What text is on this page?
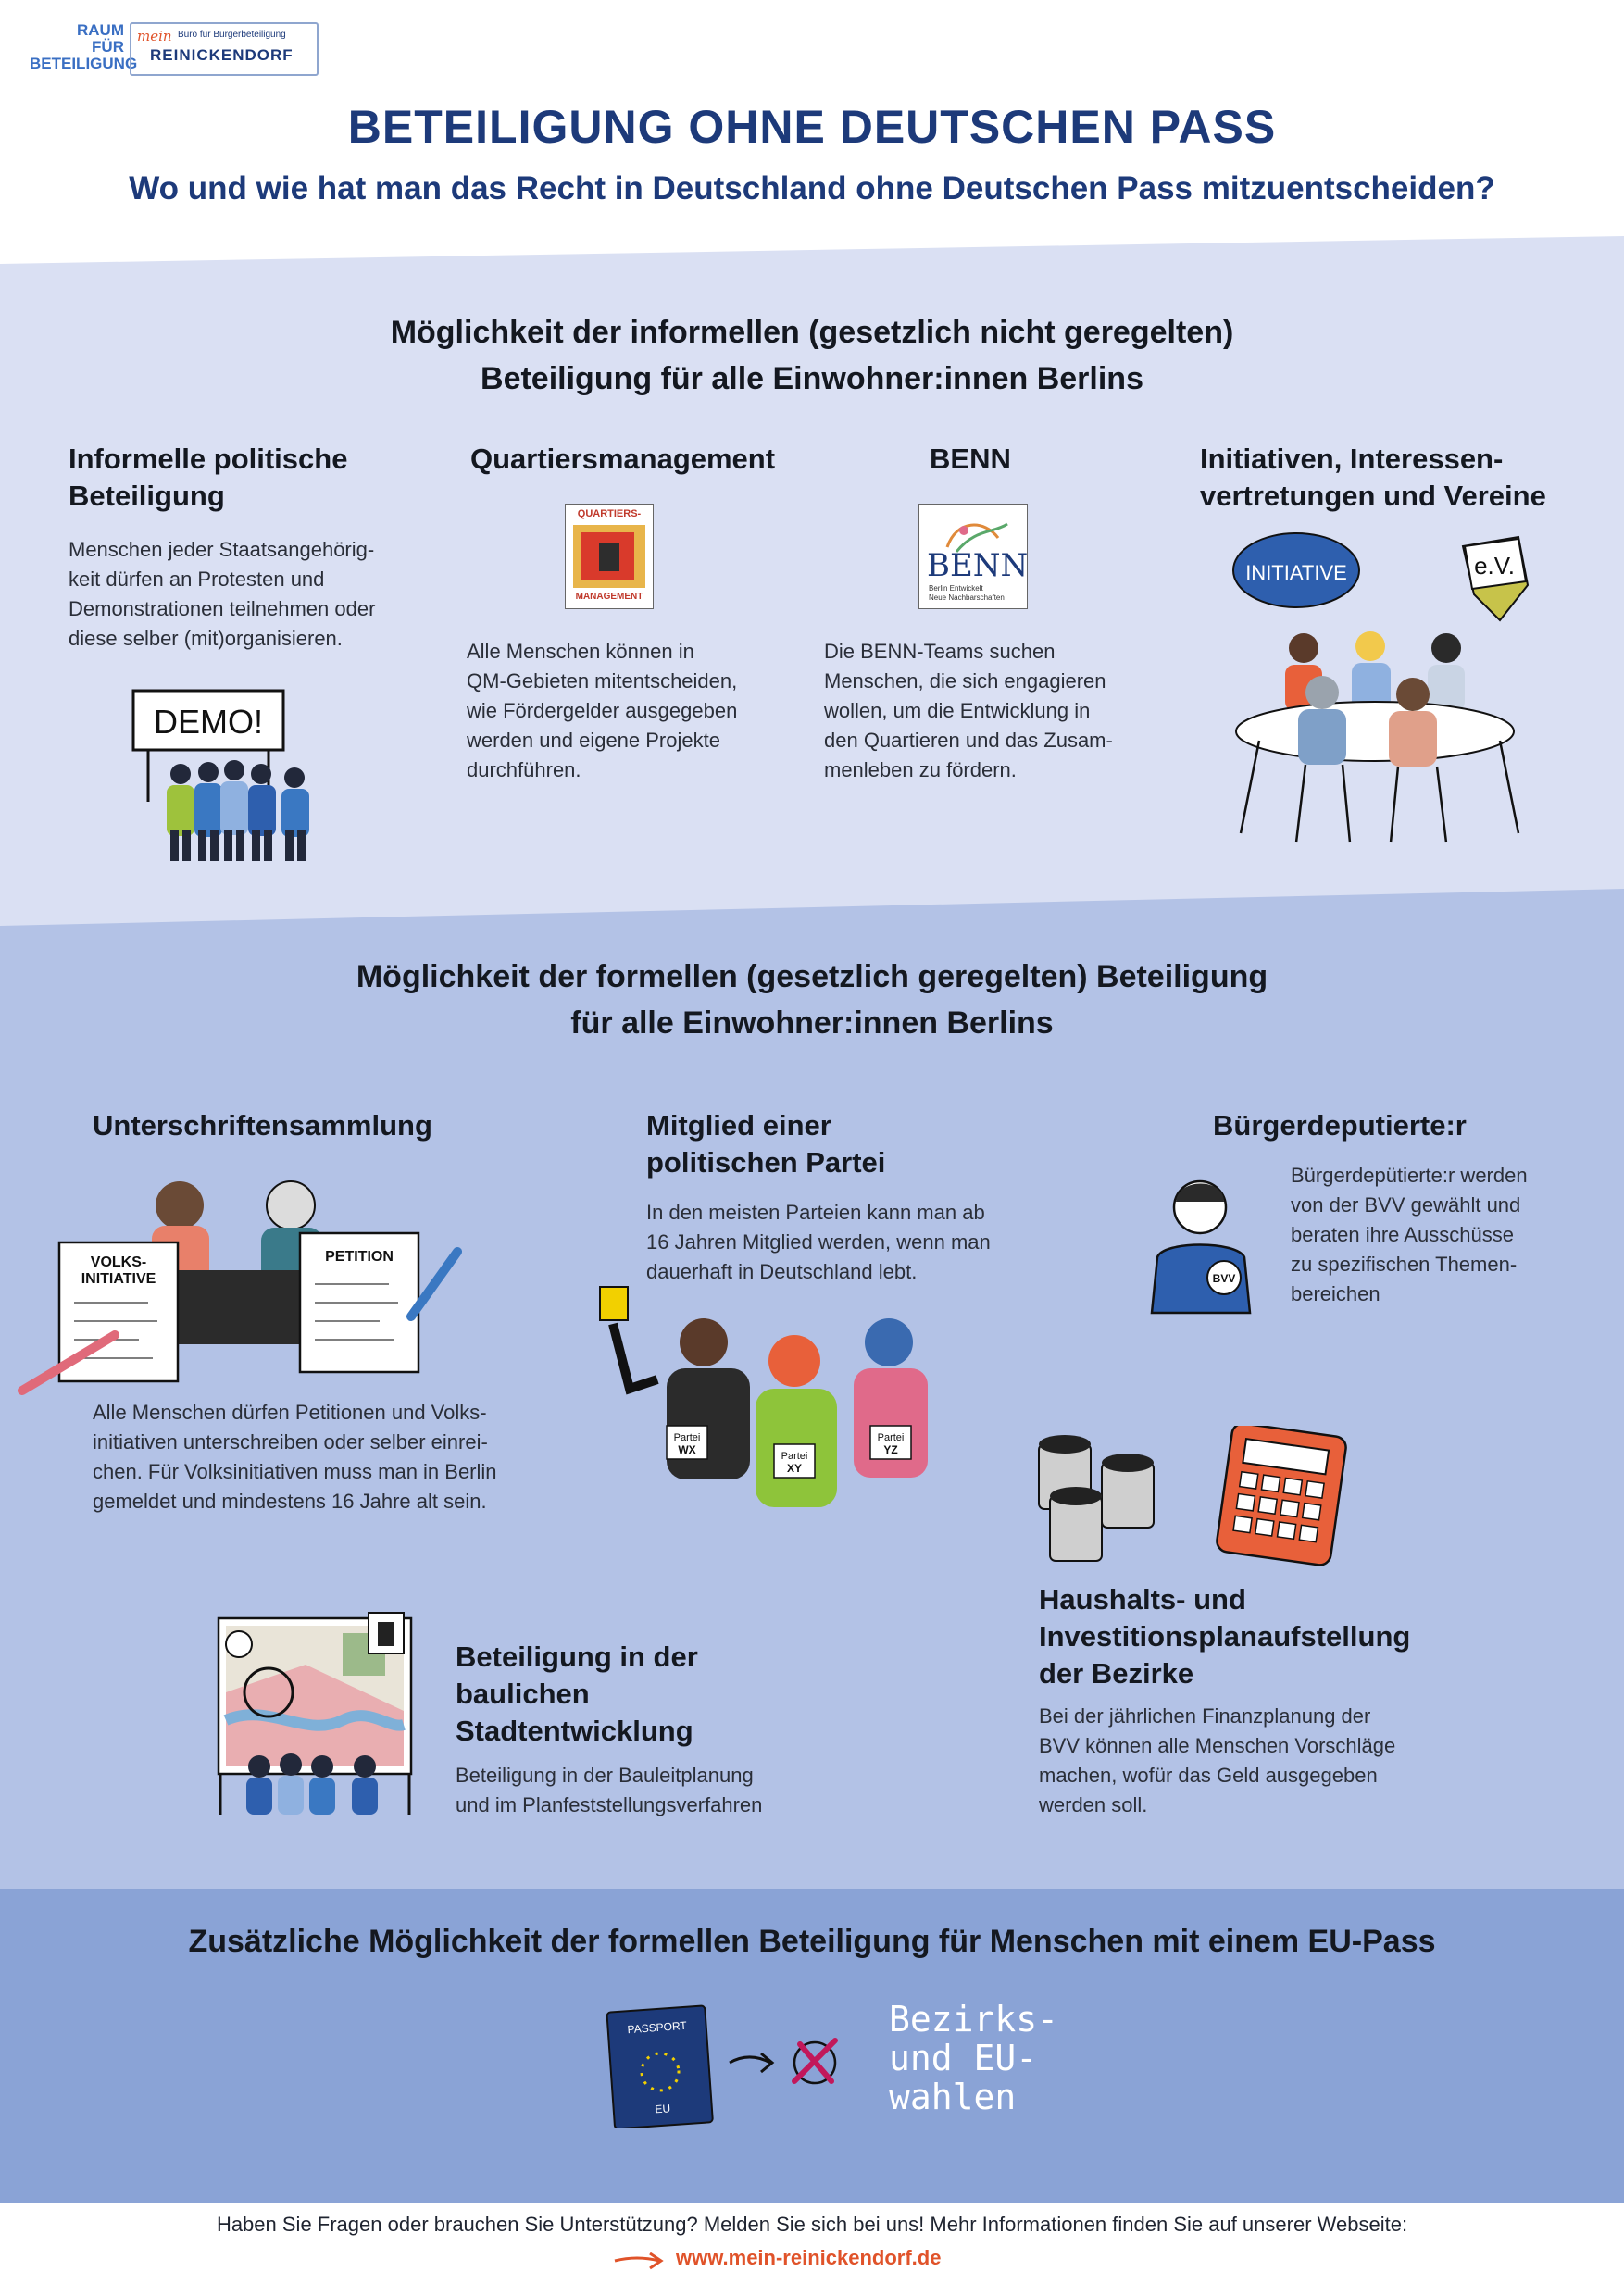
RAUM
FÜR
BETEILIGUNG
mein Büro für Bürgerbeteiligung
REINICKENDORF
BETEILIGUNG OHNE DEUTSCHEN PASS
Wo und wie hat man das Recht in Deutschland ohne Deutschen Pass mitzuentscheiden?
Möglichkeit der informellen (gesetzlich nicht geregelten)
Beteiligung für alle Einwohner:innen Berlins
Informelle politische
Beteiligung
Menschen jeder Staatsangehörig-
keit dürfen an Protesten und
Demonstrationen teilnehmen oder
diese selber (mit)organisieren.
DEMO!
Quartiersmanagement
QUARTIERS-
MANAGEMENT
Alle Menschen können in
QM-Gebieten mitentscheiden,
wie Fördergelder ausgegeben
werden und eigene Projekte
durchführen.
BENN
BENN
Berlin Entwickelt
Neue Nachbarschaften
Die BENN-Teams suchen
Menschen, die sich engagieren
wollen, um die Entwicklung in
den Quartieren und das Zusam-
menleben zu fördern.
Initiativen, Interessen-
vertretungen und Vereine
INITIATIVE	e.V.
Möglichkeit der formellen (gesetzlich geregelten) Beteiligung
für alle Einwohner:innen Berlins
Unterschriftensammlung
VOLKS-
INITIATIVE
PETITION
Alle Menschen dürfen Petitionen und Volks-
initiativen unterschreiben oder selber einrei-
chen. Für Volksinitiativen muss man in Berlin
gemeldet und mindestens 16 Jahre alt sein.
Mitglied einer
politischen Partei
In den meisten Parteien kann man ab
16 Jahren Mitglied werden, wenn man
dauerhaft in Deutschland lebt.
Partei
WX
Partei
YZ
Partei
XY
Bürgerdeputierte:r
BVV
Bürgerdepütierte:r werden
von der BVV gewählt und
beraten ihre Ausschüsse
zu spezifischen Themen-
bereichen
Haushalts- und
Investitionsplanaufstellung
der Bezirke
Bei der jährlichen Finanzplanung der
BVV können alle Menschen Vorschläge
machen, wofür das Geld ausgegeben
werden soll.
Beteiligung in der
baulichen
Stadtentwicklung
Beteiligung in der Bauleitplanung
und im Planfeststellungsverfahren
Zusätzliche Möglichkeit der formellen Beteiligung für Menschen mit einem EU-Pass
PASSPORT
EU
Bezirks-
und EU-
wahlen
Haben Sie Fragen oder brauchen Sie Unterstützung? Melden Sie sich bei uns! Mehr Informationen finden Sie auf unserer Webseite:
www.mein-reinickendorf.de
